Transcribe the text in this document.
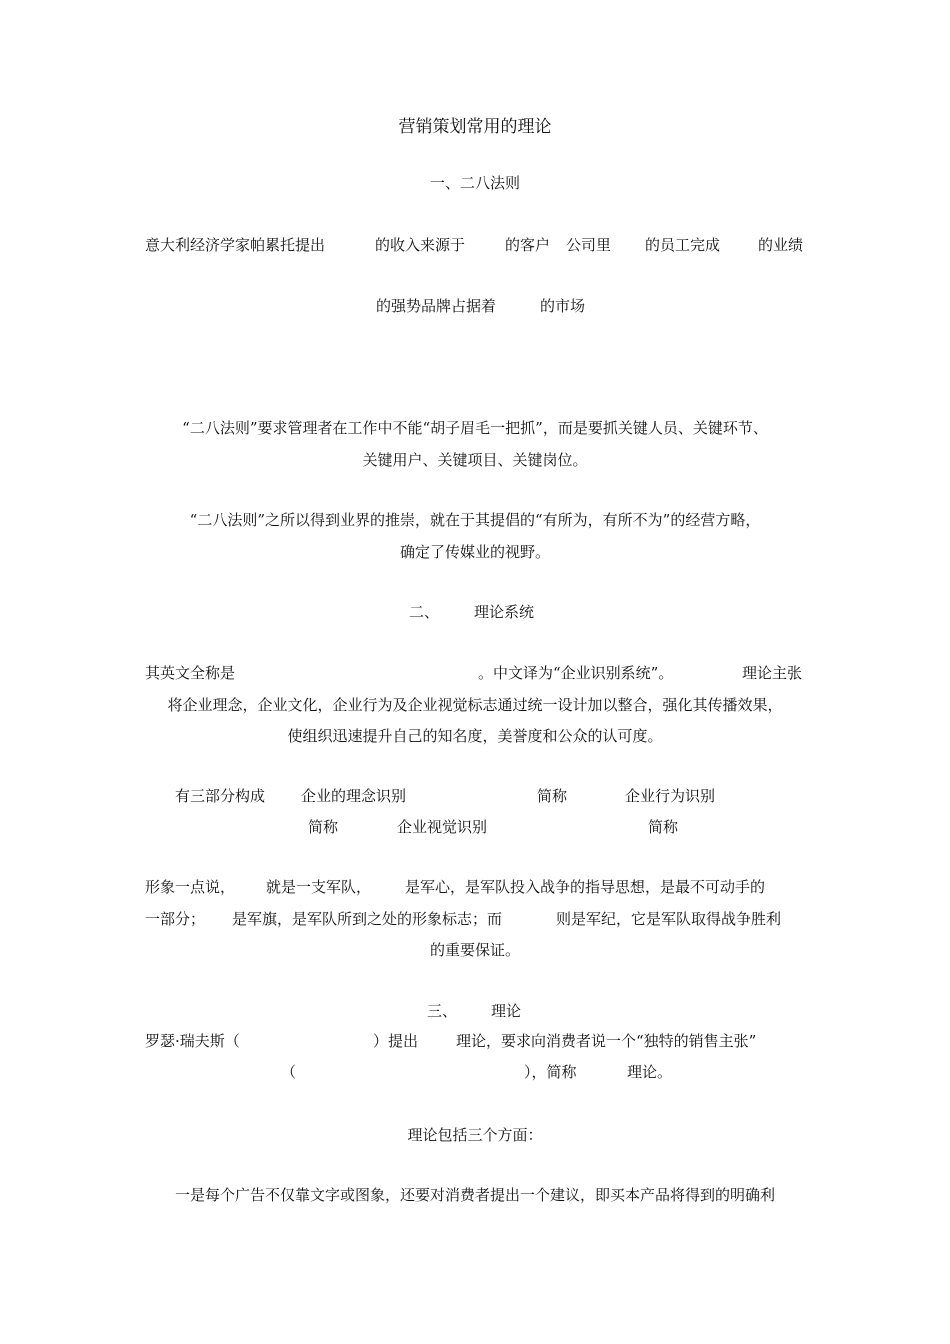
营销策划常用的理论
一、二八法则
意大利经济学家帕累托提出	的收入来源于	的客户 公司里 的员工完成	的业绩
的强势品牌占据着	的市场
“二八法则”要求管理者在工作中不能“胡子眉毛一把抓”，而是要抓关键人员、关键环节、
关键用户、关键项目、关键岗位。
“二八法则”之所以得到业界的推崇，就在于其提倡的“有所为，有所不为”的经营方略，
确定了传媒业的视野。
二、 理论系统
其英文全称是	。中文译为“企业识别系统”。	理论主张
将企业理念，企业文化，企业行为及企业视觉标志通过统一设计加以整合，强化其传播效果，
使组织迅速提升自己的知名度，美誉度和公众的认可度。
有三部分构成 企业的理念识别	简称	企业行为识别
简称	企业视觉识别	简称
形象一点说， 就是一支军队， 是军心，是军队投入战争的指导思想，是最不可动手的
一部分； 是军旗，是军队所到之处的形象标志；而	则是军纪，它是军队取得战争胜利
的重要保证。
三、 理论
罗瑟·瑞夫斯（	）提出	理论，要求向消费者说一个“独特的销售主张”
（	），简称	理论。
理论包括三个方面：
一是每个广告不仅靠文字或图象，还要对消费者提出一个建议，即买本产品将得到的明确利
